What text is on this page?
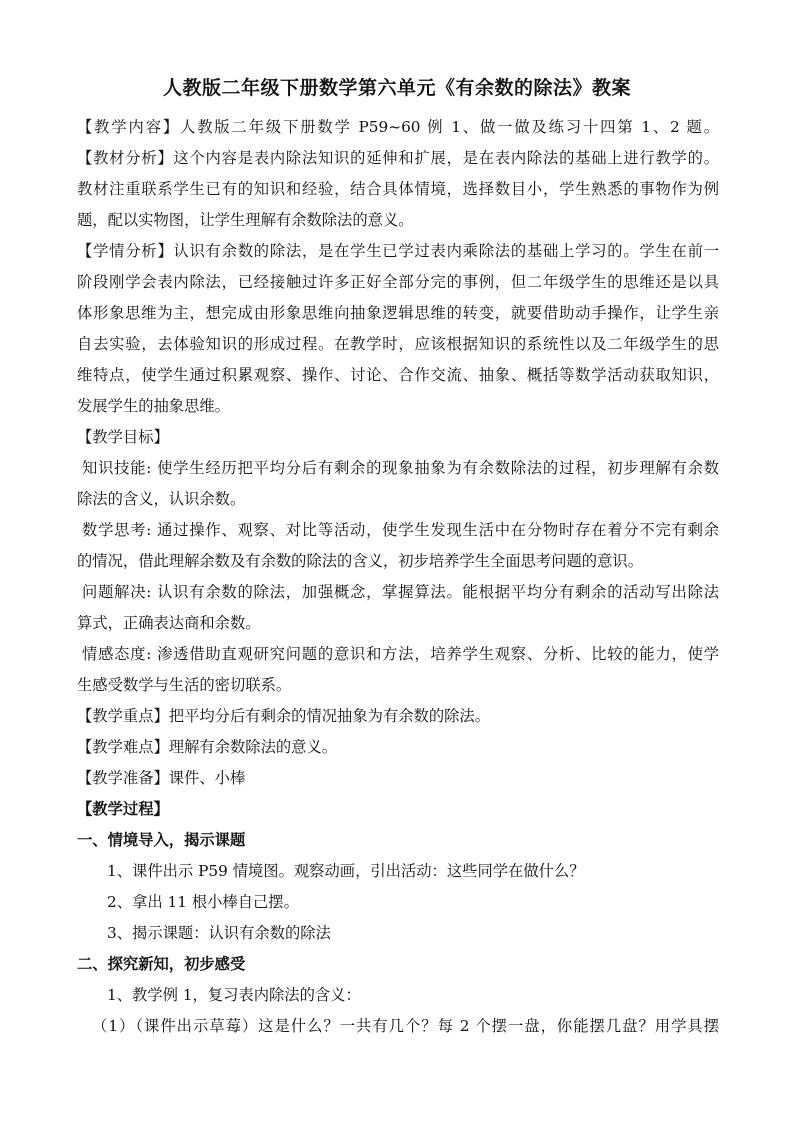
人教版二年级下册数学第六单元《有余数的除法》教案
【教学内容】人教版二年级下册数学 P59~60 例 1、做一做及练习十四第 1、2 题。
【教材分析】这个内容是表内除法知识的延伸和扩展，是在表内除法的基础上进行教学的。
教材注重联系学生已有的知识和经验，结合具体情境，选择数目小，学生熟悉的事物作为例
题，配以实物图，让学生理解有余数除法的意义。
【学情分析】认识有余数的除法，是在学生已学过表内乘除法的基础上学习的。学生在前一
阶段刚学会表内除法，已经接触过许多正好全部分完的事例，但二年级学生的思维还是以具
体形象思维为主，想完成由形象思维向抽象逻辑思维的转变，就要借助动手操作，让学生亲
自去实验，去体验知识的形成过程。在教学时，应该根据知识的系统性以及二年级学生的思
维特点，使学生通过积累观察、操作、讨论、合作交流、抽象、概括等数学活动获取知识，
发展学生的抽象思维。
【教学目标】
知识技能: 使学生经历把平均分后有剩余的现象抽象为有余数除法的过程，初步理解有余数
除法的含义，认识余数。
数学思考: 通过操作、观察、对比等活动，使学生发现生活中在分物时存在着分不完有剩余
的情况，借此理解余数及有余数的除法的含义，初步培养学生全面思考问题的意识。
问题解决: 认识有余数的除法，加强概念，掌握算法。能根据平均分有剩余的活动写出除法
算式，正确表达商和余数。
情感态度: 渗透借助直观研究问题的意识和方法，培养学生观察、分析、比较的能力，使学
生感受数学与生活的密切联系。
【教学重点】把平均分后有剩余的情况抽象为有余数的除法。
【教学难点】理解有余数除法的意义。
【教学准备】课件、小棒
【教学过程】
一、情境导入，揭示课题
1、课件出示 P59 情境图。观察动画，引出活动：这些同学在做什么？
2、拿出 11 根小棒自己摆。
3、揭示课题：认识有余数的除法
二、探究新知，初步感受
1、教学例 1，复习表内除法的含义：
（1）（课件出示草莓）这是什么？一共有几个？每 2 个摆一盘，你能摆几盘？用学具摆
